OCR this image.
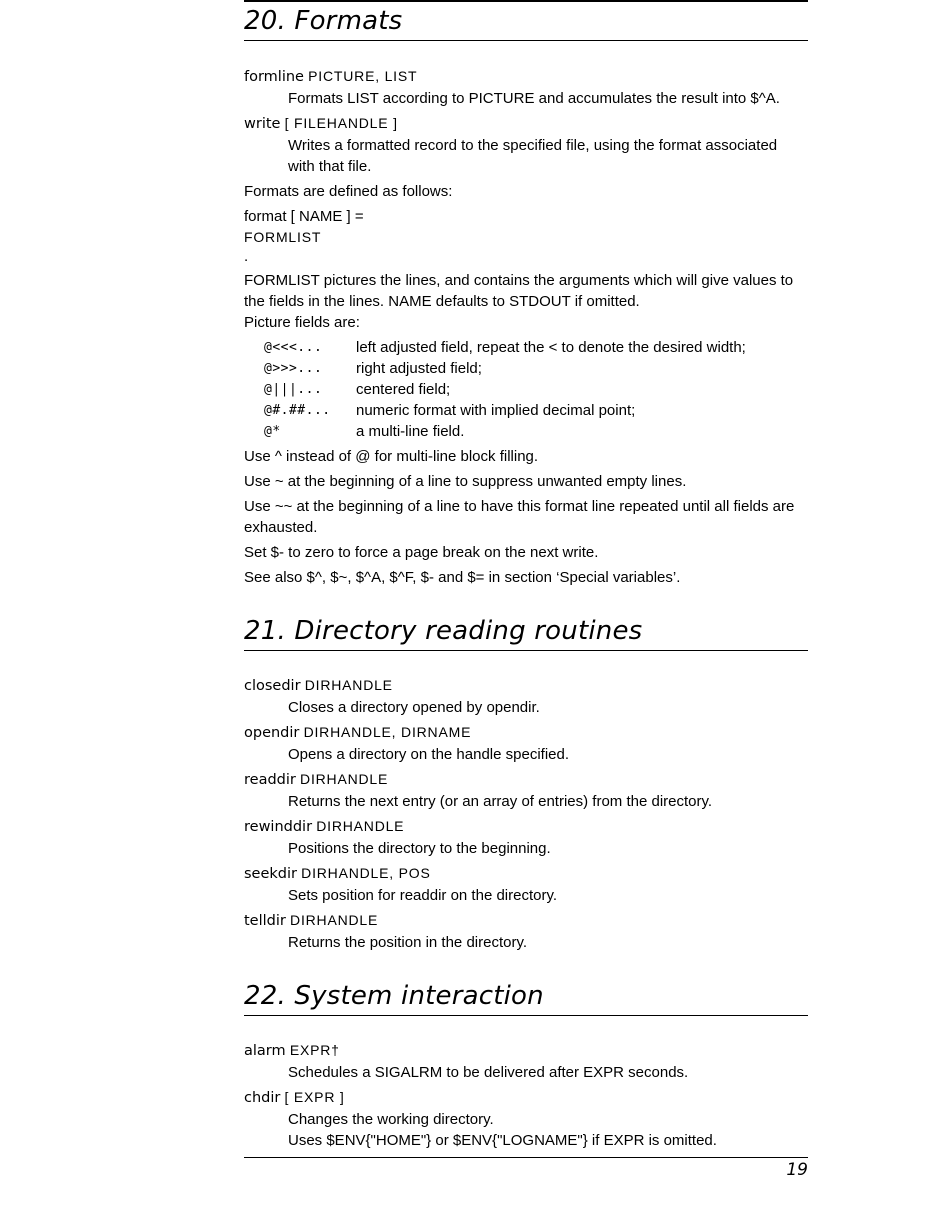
20. Formats

formline PICTURE, LIST

Formats LIST according to PICTURE and accumulates the result into $^A.

write [ FILEHANDLE ]

Writes a formatted record to the specified file, using the format associated

with that file.

Formats are defined as follows:

format [ NAME ] =

FORMLIST

.

FORMLIST pictures the lines, and contains the arguments which will give values to the fields in the lines. NAME defaults to STDOUT if omitted.

Picture fields are:

@<<<...	left adjusted field, repeat the < to denote the desired width;
@>>>...	right adjusted field;
@|||...	centered field;
@#.##...	numeric format with implied decimal point;
@*	a multi-line field.

Use ^ instead of @ for multi-line block filling.

Use ~ at the beginning of a line to suppress unwanted empty lines.

Use ~~ at the beginning of a line to have this format line repeated until all fields are exhausted.

Set $- to zero to force a page break on the next write.

See also $^, $~, $^A, $^F, $- and $= in section ‘Special variables’.

21. Directory reading routines

closedir DIRHANDLE

Closes a directory opened by opendir.

opendir DIRHANDLE, DIRNAME

Opens a directory on the handle specified.

readdir DIRHANDLE

Returns the next entry (or an array of entries) from the directory.

rewinddir DIRHANDLE

Positions the directory to the beginning.

seekdir DIRHANDLE, POS

Sets position for readdir on the directory.

telldir DIRHANDLE

Returns the position in the directory.

22. System interaction

alarm EXPR†

Schedules a SIGALRM to be delivered after EXPR seconds.

chdir [ EXPR ]

Changes the working directory.

Uses $ENV{"HOME"} or $ENV{"LOGNAME"} if EXPR is omitted.

19
